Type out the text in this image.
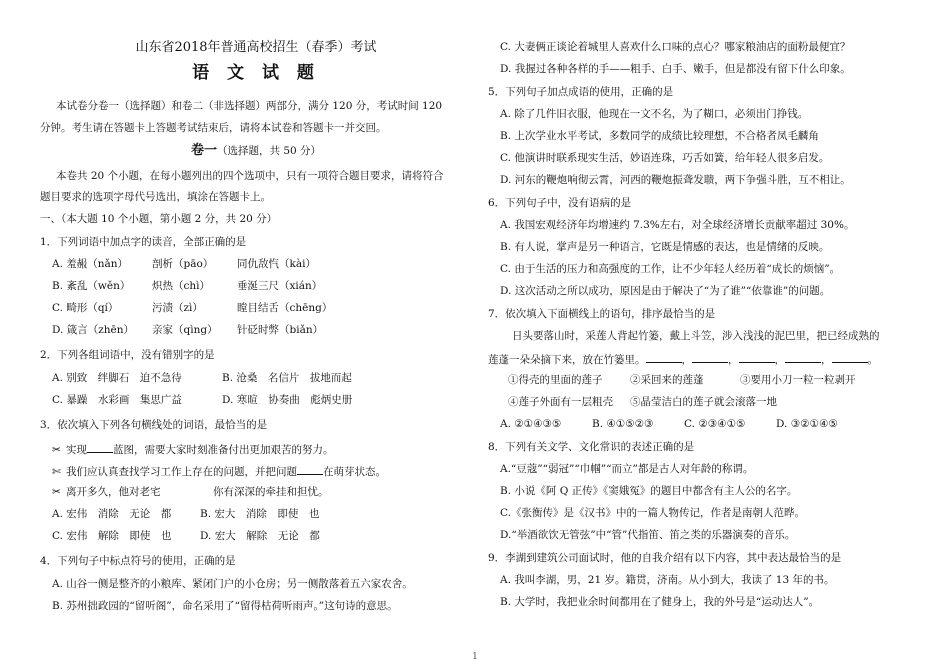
山东省2018年普通高校招生（春季）考试
语 文 试 题
本试卷分卷一（选择题）和卷二（非选择题）两部分，满分 120 分，考试时间 120
分钟。考生请在答题卡上答题考试结束后，请将本试卷和答题卡一并交回。
卷一（选择题，共 50 分）
本卷共 20 个小题，在每小题列出的四个选项中，只有一项符合题目要求，请将符合
题目要求的选项字母代号选出，填涂在答题卡上。
一、（本大题 10 个小题，第小题 2 分，共 20 分）
1．下列词语中加点字的读音，全部正确的是
A. 羞赧（nǎn） 剖析（pāo） 同仇敌忾（kài）
B. 紊乱（wěn） 炽热（chì）	垂涎三尺（xián）
C. 畸形（qí）	污渍（zì）	瞠目结舌（chēng）
D. 箴言（zhēn） 亲家（qìng） 针砭时弊（biǎn）
2．下列各组词语中，没有错别字的是
A. 别致　绊脚石　迫不急待	B. 沧桑　名信片　拔地而起
C. 暴躁　水彩画　集思广益	D. 寒暄　协奏曲　彪炳史册
3．依次填入下列各句横线处的词语，最恰当的是
✂ 实现 蓝图，需要大家时刻准备付出更加艰苦的努力。
✄ 我们应认真查找学习工作上存在的问题，并把问题 在萌芽状态。
✂ 离开多久，他对老宅　　　　　你有深深的牵挂和担忧。
A. 宏伟　消除　无论　都	B. 宏大　消除　即使　也
C. 宏伟　解除　即使　也	D. 宏大　解除　无论　都
4．下列句子中标点符号的使用，正确的是
A. 山谷一侧是整齐的小粮库、紧闭门户的小仓房；另一侧散落着五六家农舍。
B. 苏州拙政园的“留听阁”，命名采用了“留得枯荷听雨声。”这句诗的意思。
C. 大妻俩正谈论着城里人喜欢什么口味的点心？哪家粮油店的面粉最便宜？
D. 我握过各种各样的手——粗手、白手、嫩手，但是都没有留下什么印象。
5．下列句子加点成语的使用，正确的是
A. 除了几件旧衣服，他现在一文不名，为了糊口，必须出门挣钱。
B. 上次学业水平考试，多数同学的成绩比较理想，不合格者凤毛麟角
C. 他演讲时联系现实生活，妙语连珠，巧舌如簧，给年轻人很多启发。
D. 河东的鞭炮响彻云霄，河西的鞭炮振聋发聩，两下争强斗胜，互不相让。
6．下列句子中，没有语病的是
A. 我国宏观经济年均增速约 7.3%左右，对全球经济增长贡献率超过 30%。
B. 有人说，掌声是另一种语言，它既是情感的表达，也是情绪的反映。
C. 由于生活的压力和高强度的工作，让不少年轻人经历着“成长的烦恼”。
D. 这次活动之所以成功，原因是由于解决了“为了谁”“依靠谁”的问题。
7．依次填入下面横线上的语句，排序最恰当的是
日头要落山时，采莲人背起竹篓，戴上斗笠，涉入浅浅的泥巴里，把已经成熟的
莲蓬一朵朵摘下来，放在竹篓里。	，	，	，	，	。
①得壳的里面的莲子	②采回来的莲蓬	③要用小刀一粒一粒剥开
④莲子外面有一层粗壳 ⑤晶莹洁白的莲子就会滚落一地
A. ②①④③⑤	B. ④①⑤②③	C. ②③④①⑤	D. ③②①④⑤
8．下列有关文学、文化常识的表述正确的是
A.“豆蔻”“弱冠”“巾帼”“而立”都是古人对年龄的称谓。
B. 小说《阿 Q 正传》《窦娥冤》的题目中都含有主人公的名字。
C.《张衡传》是《汉书》中的一篇人物传记，作者是南朝人范晔。
D.“举酒欲饮无管弦”中“管”代指笛、笛之类的乐器演奏的音乐。
9．李湖到建筑公司面试时，他的自我介绍有以下内容，其中表达最恰当的是
A. 我叫李湖，男，21 岁。籍贯，济南。从小到大，我读了 13 年的书。
B. 大学时，我把业余时间都用在了健身上，我的外号是“运动达人”。
1
